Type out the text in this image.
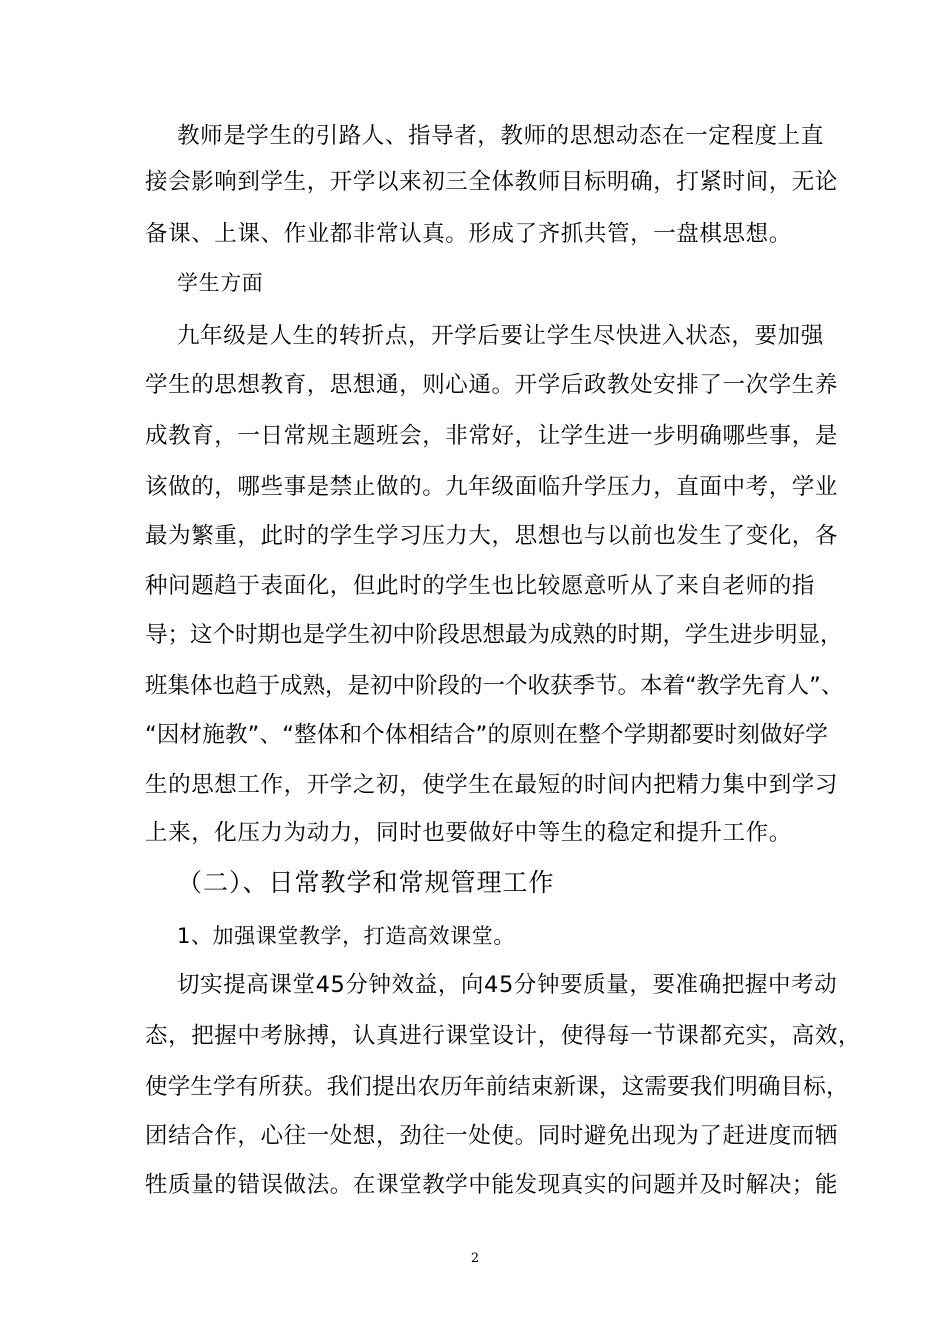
教师是学生的引路人、指导者，教师的思想动态在一定程度上直
接会影响到学生，开学以来初三全体教师目标明确，打紧时间，无论
备课、上课、作业都非常认真。形成了齐抓共管，一盘棋思想。
学生方面
九年级是人生的转折点，开学后要让学生尽快进入状态，要加强
学生的思想教育，思想通，则心通。开学后政教处安排了一次学生养
成教育，一日常规主题班会，非常好，让学生进一步明确哪些事，是
该做的，哪些事是禁止做的。九年级面临升学压力，直面中考，学业
最为繁重，此时的学生学习压力大，思想也与以前也发生了变化，各
种问题趋于表面化，但此时的学生也比较愿意听从了来自老师的指
导；这个时期也是学生初中阶段思想最为成熟的时期，学生进步明显，
班集体也趋于成熟，是初中阶段的一个收获季节。本着“教学先育人”、
“因材施教”、“整体和个体相结合”的原则在整个学期都要时刻做好学
生的思想工作，开学之初，使学生在最短的时间内把精力集中到学习
上来，化压力为动力，同时也要做好中等生的稳定和提升工作。
（二）、日常教学和常规管理工作
1、加强课堂教学，打造高效课堂。
切实提高课堂45分钟效益，向45分钟要质量，要准确把握中考动
态，把握中考脉搏，认真进行课堂设计，使得每一节课都充实，高效，
使学生学有所获。我们提出农历年前结束新课，这需要我们明确目标，
团结合作，心往一处想，劲往一处使。同时避免出现为了赶进度而牺
牲质量的错误做法。在课堂教学中能发现真实的问题并及时解决；能
2
